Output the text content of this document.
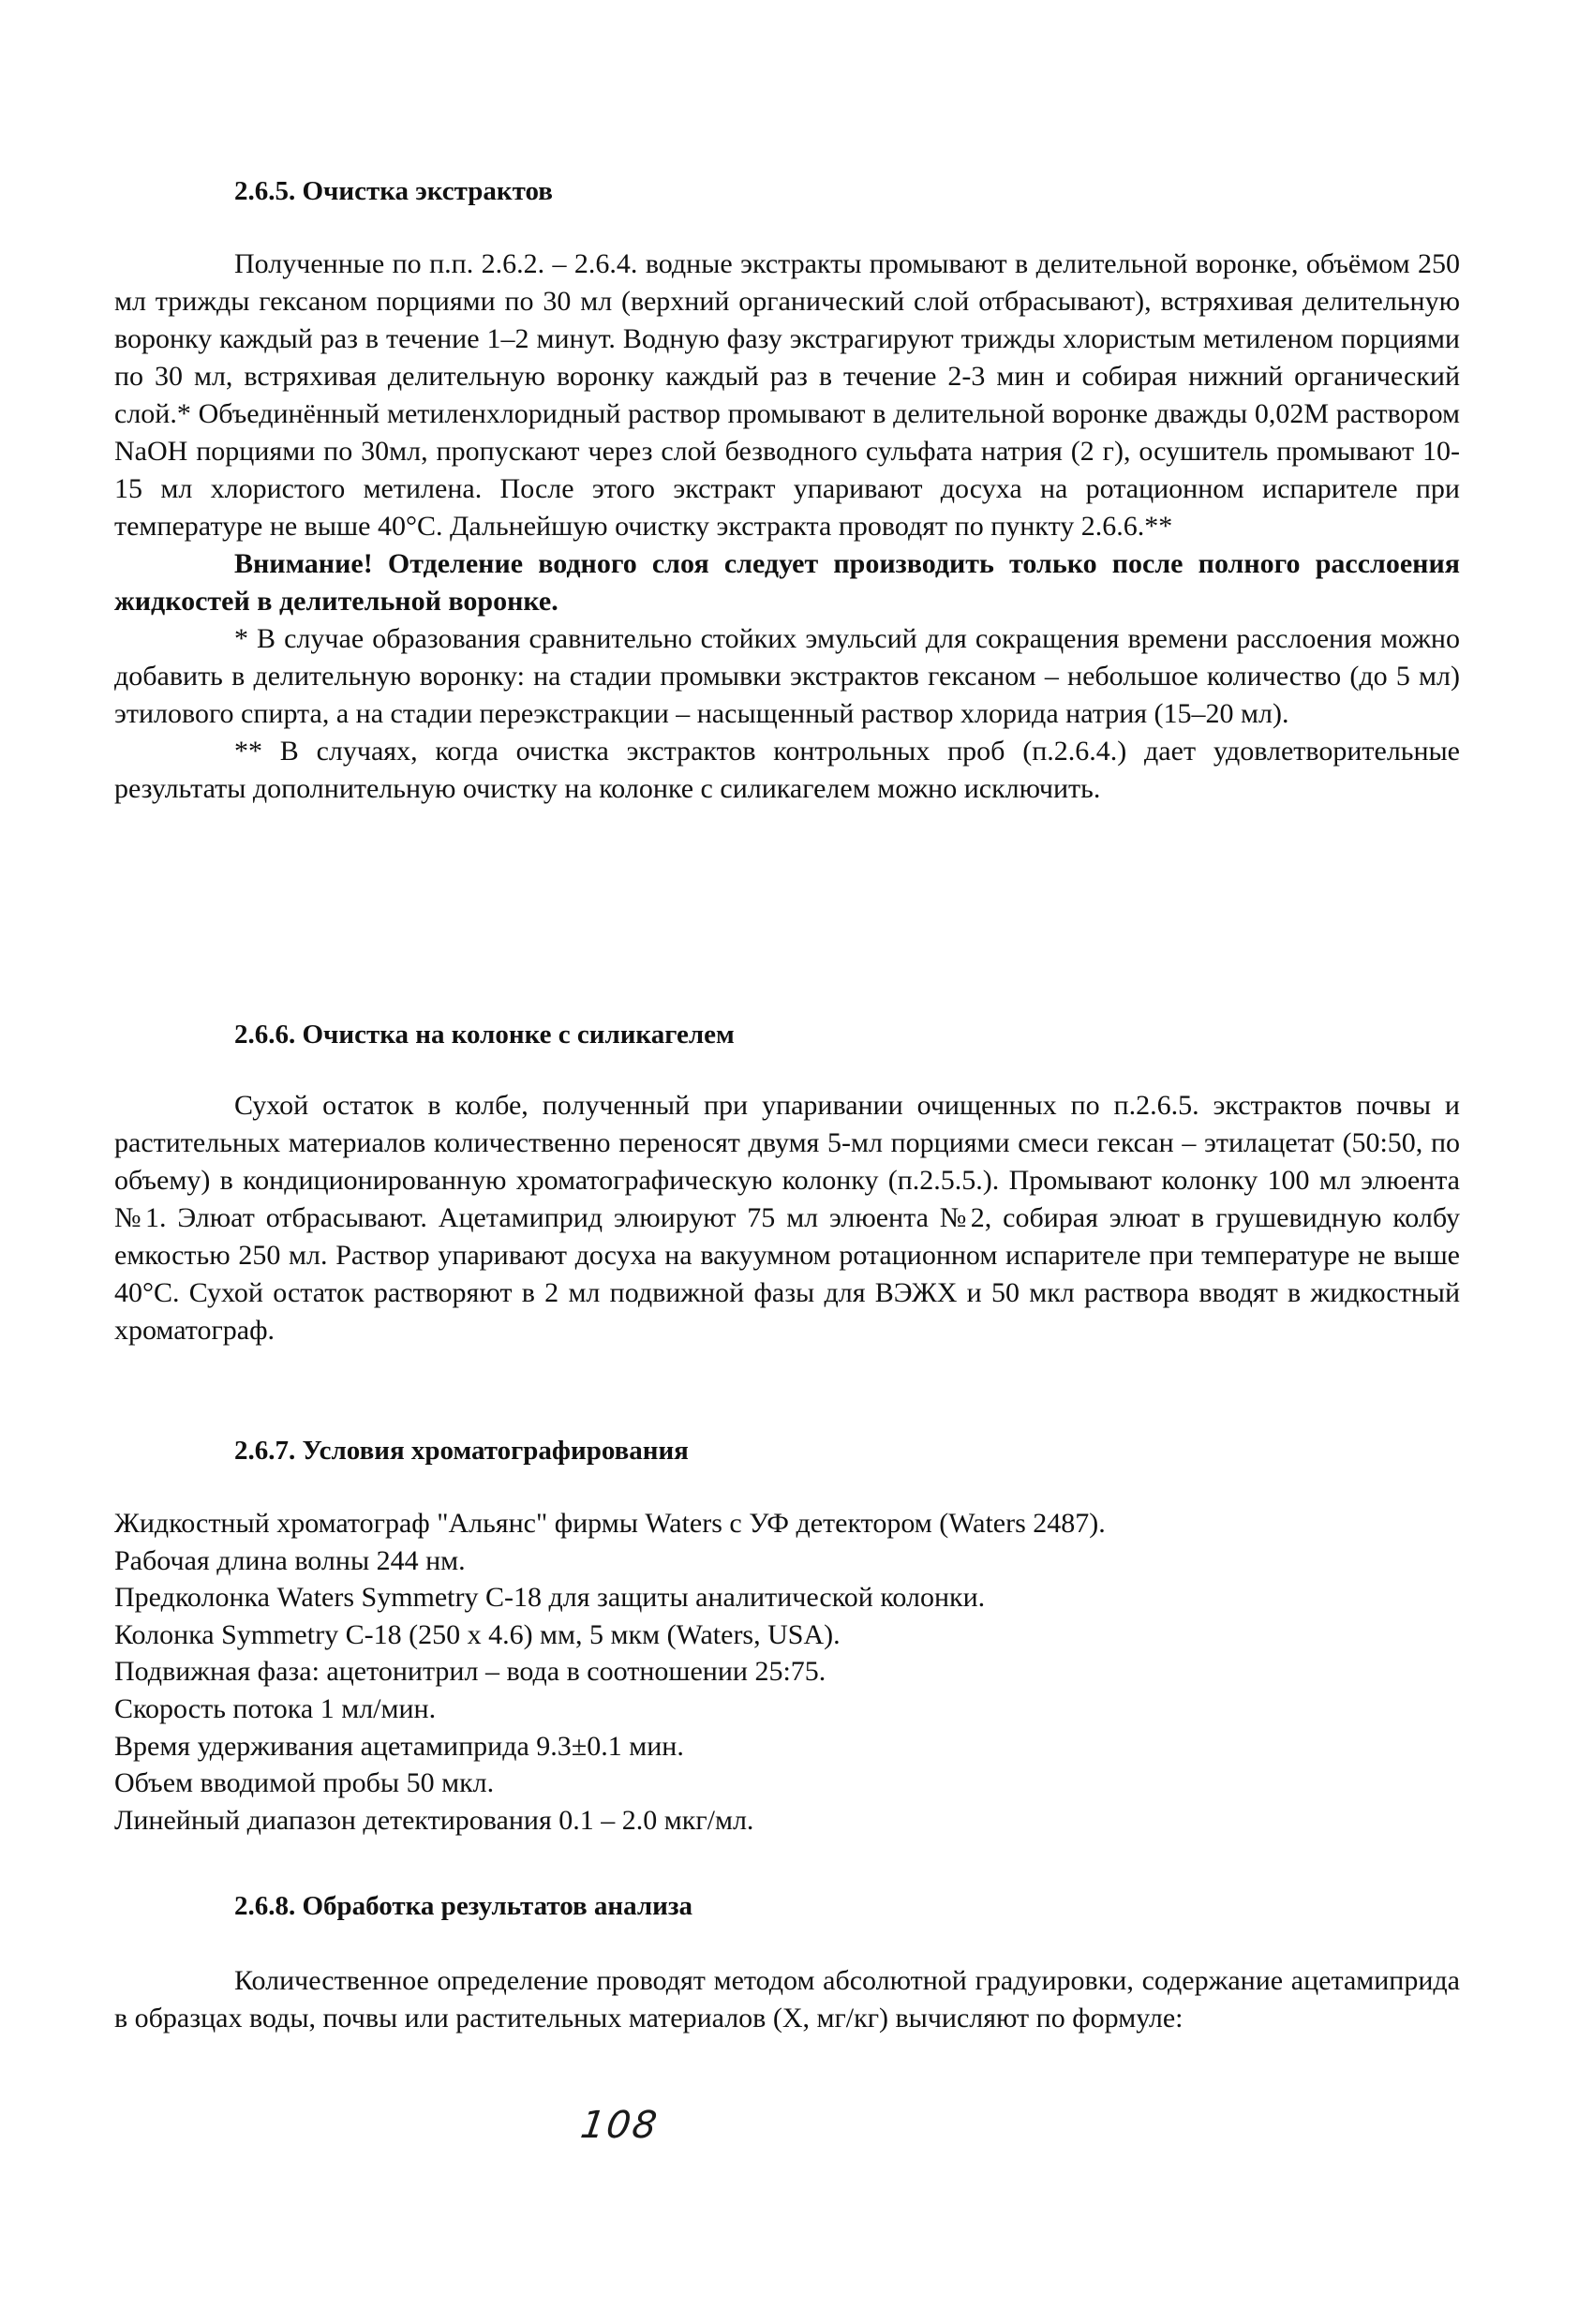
2.6.5. Очистка экстрактов

Полученные по п.п. 2.6.2. – 2.6.4. водные экстракты промывают в делительной воронке, объёмом 250 мл трижды гексаном порциями по 30 мл (верхний органический слой отбрасывают), встряхивая делительную воронку каждый раз в течение 1–2 минут. Водную фазу экстрагируют трижды хлористым метиленом порциями по 30 мл, встряхивая делительную воронку каждый раз в течение 2-3 мин и собирая нижний органический слой.* Объединённый метиленхлоридный раствор промывают в делительной воронке дважды 0,02М раствором NaOH порциями по 30мл, пропускают через слой безводного сульфата натрия (2 г), осушитель промывают 10-15 мл хлористого метилена. После этого экстракт упаривают досуха на ротационном испарителе при температуре не выше 40°С. Дальнейшую очистку экстракта проводят по пункту 2.6.6.**

Внимание! Отделение водного слоя следует производить только после полного расслоения жидкостей в делительной воронке.

* В случае образования сравнительно стойких эмульсий для сокращения времени расслоения можно добавить в делительную воронку: на стадии промывки экстрактов гексаном – небольшое количество (до 5 мл) этилового спирта, а на стадии переэкстракции – насыщенный раствор хлорида натрия (15–20 мл).

** В случаях, когда очистка экстрактов контрольных проб (п.2.6.4.) дает удовлетворительные результаты дополнительную очистку на колонке с силикагелем можно исключить.

2.6.6. Очистка на колонке с силикагелем

Сухой остаток в колбе, полученный при упаривании очищенных по п.2.6.5. экстрактов почвы и растительных материалов количественно переносят двумя 5-мл порциями смеси гексан – этилацетат (50:50, по объему) в кондиционированную хроматографическую колонку (п.2.5.5.). Промывают колонку 100 мл элюента №1. Элюат отбрасывают. Ацетамиприд элюируют 75 мл элюента №2, собирая элюат в грушевидную колбу емкостью 250 мл. Раствор упаривают досуха на вакуумном ротационном испарителе при температуре не выше 40°С. Сухой остаток растворяют в 2 мл подвижной фазы для ВЭЖХ и 50 мкл раствора вводят в жидкостный хроматограф.

2.6.7. Условия хроматографирования
Жидкостный хроматограф "Альянс" фирмы Waters с УФ детектором (Waters 2487).
Рабочая длина волны 244 нм.
Предколонка Waters Symmetry С-18 для защиты аналитической колонки.
Колонка Symmetry С-18 (250 x 4.6) мм, 5 мкм (Waters, USA).
Подвижная фаза: ацетонитрил – вода в соотношении 25:75.
Скорость потока 1 мл/мин.
Время удерживания ацетамиприда 9.3±0.1 мин.
Объем вводимой пробы 50 мкл.
Линейный диапазон детектирования 0.1 – 2.0 мкг/мл.
2.6.8. Обработка результатов анализа

Количественное определение проводят методом абсолютной градуировки, содержание ацетамиприда в образцах воды, почвы или растительных материалов (Х, мг/кг) вычисляют по формуле:

108
